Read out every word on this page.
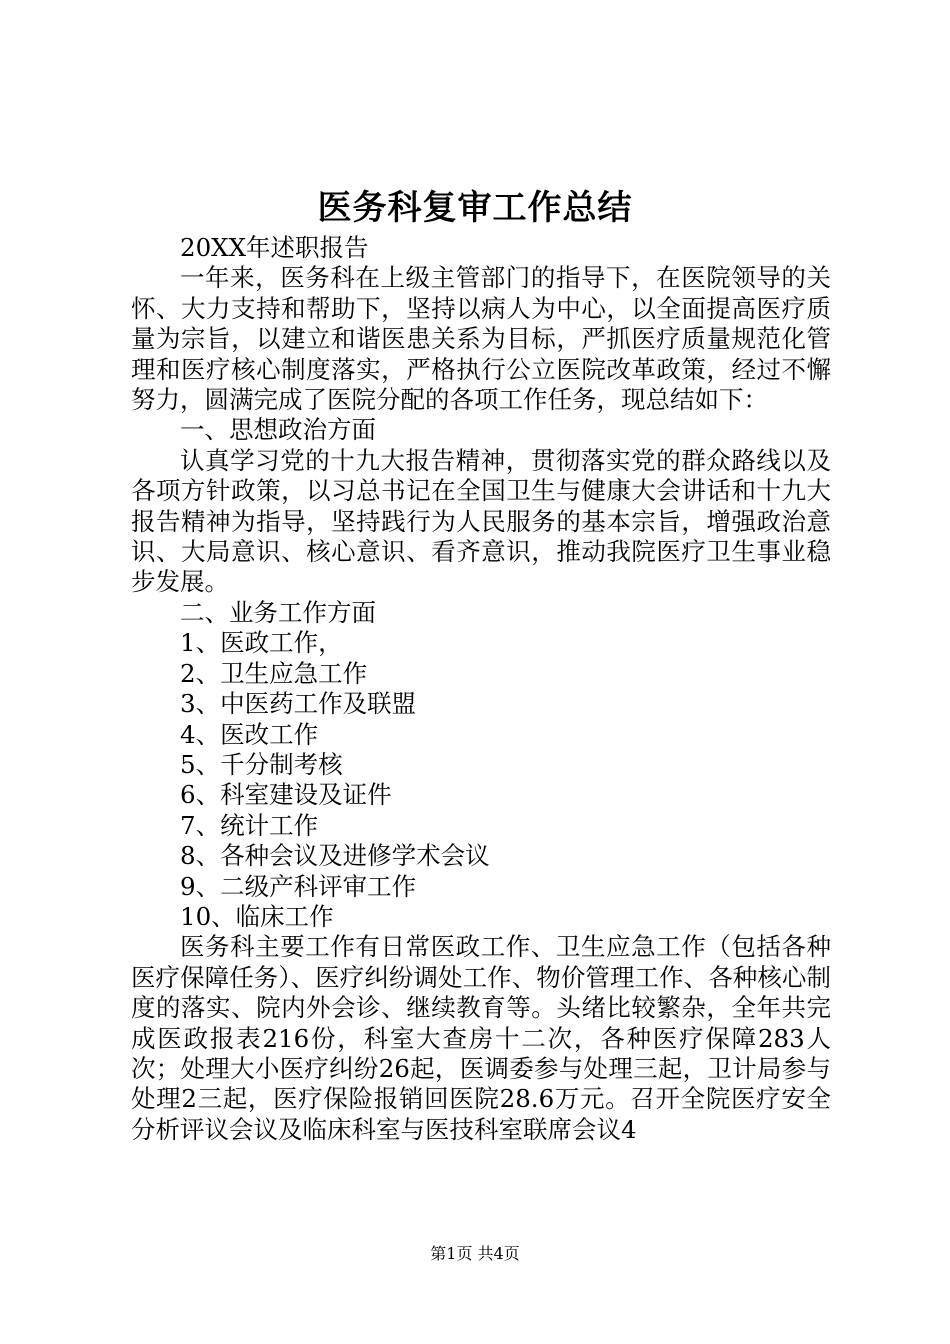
医务科复审工作总结

20XX年述职报告

一年来，医务科在上级主管部门的指导下，在医院领导的关怀、大力支持和帮助下，坚持以病人为中心，以全面提高医疗质量为宗旨，以建立和谐医患关系为目标，严抓医疗质量规范化管理和医疗核心制度落实，严格执行公立医院改革政策，经过不懈努力，圆满完成了医院分配的各项工作任务，现总结如下：

一、思想政治方面

认真学习党的十九大报告精神，贯彻落实党的群众路线以及各项方针政策，以习总书记在全国卫生与健康大会讲话和十九大报告精神为指导，坚持践行为人民服务的基本宗旨，增强政治意识、大局意识、核心意识、看齐意识，推动我院医疗卫生事业稳步发展。

二、业务工作方面

1、医政工作，

2、卫生应急工作

3、中医药工作及联盟

4、医改工作

5、千分制考核

6、科室建设及证件

7、统计工作

8、各种会议及进修学术会议

9、二级产科评审工作

10、临床工作

医务科主要工作有日常医政工作、卫生应急工作（包括各种医疗保障任务）、医疗纠纷调处工作、物价管理工作、各种核心制度的落实、院内外会诊、继续教育等。头绪比较繁杂，全年共完成医政报表216份，科室大查房十二次，各种医疗保障283人次；处理大小医疗纠纷26起，医调委参与处理三起，卫计局参与处理2三起，医疗保险报销回医院28.6万元。召开全院医疗安全分析评议会议及临床科室与医技科室联席会议4

第1页 共4页
